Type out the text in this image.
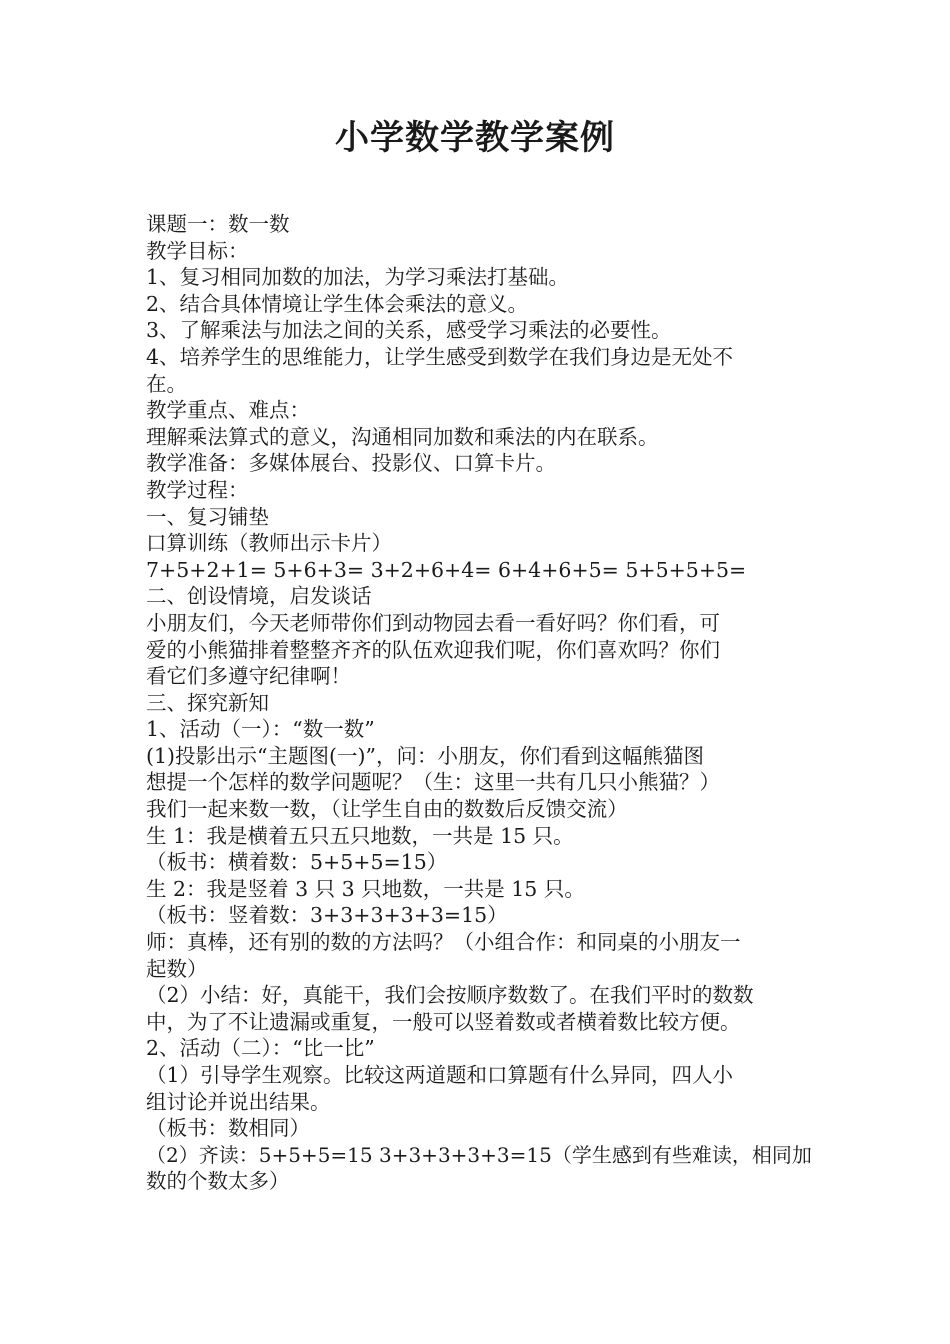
小学数学教学案例

课题一：数一数

教学目标：

1、复习相同加数的加法，为学习乘法打基础。

2、结合具体情境让学生体会乘法的意义。

3、了解乘法与加法之间的关系，感受学习乘法的必要性。

4、培养学生的思维能力，让学生感受到数学在我们身边是无处不

在。

教学重点、难点：

理解乘法算式的意义，沟通相同加数和乘法的内在联系。

教学准备：多媒体展台、投影仪、口算卡片。

教学过程：

一、复习铺垫

口算训练（教师出示卡片）

7+5+2+1= 5+6+3= 3+2+6+4= 6+4+6+5= 5+5+5+5=

二、创设情境，启发谈话

小朋友们，今天老师带你们到动物园去看一看好吗？你们看，可

爱的小熊猫排着整整齐齐的队伍欢迎我们呢，你们喜欢吗？你们

看它们多遵守纪律啊！

三、探究新知

1、活动（一）：“数一数”

(1)投影出示“主题图(一)”，问：小朋友，你们看到这幅熊猫图

想提一个怎样的数学问题呢？（生：这里一共有几只小熊猫？）

我们一起来数一数，（让学生自由的数数后反馈交流）

生 1：我是横着五只五只地数，一共是 15 只。

（板书：横着数：5+5+5=15）

生 2：我是竖着 3 只 3 只地数，一共是 15 只。

（板书：竖着数：3+3+3+3+3=15）

师：真棒，还有别的数的方法吗？（小组合作：和同桌的小朋友一

起数）

（2）小结：好，真能干，我们会按顺序数数了。在我们平时的数数

中，为了不让遗漏或重复，一般可以竖着数或者横着数比较方便。

2、活动（二）：“比一比”

（1）引导学生观察。比较这两道题和口算题有什么异同，四人小

组讨论并说出结果。

（板书：数相同）

（2）齐读：5+5+5=15 3+3+3+3+3=15（学生感到有些难读，相同加

数的个数太多）
